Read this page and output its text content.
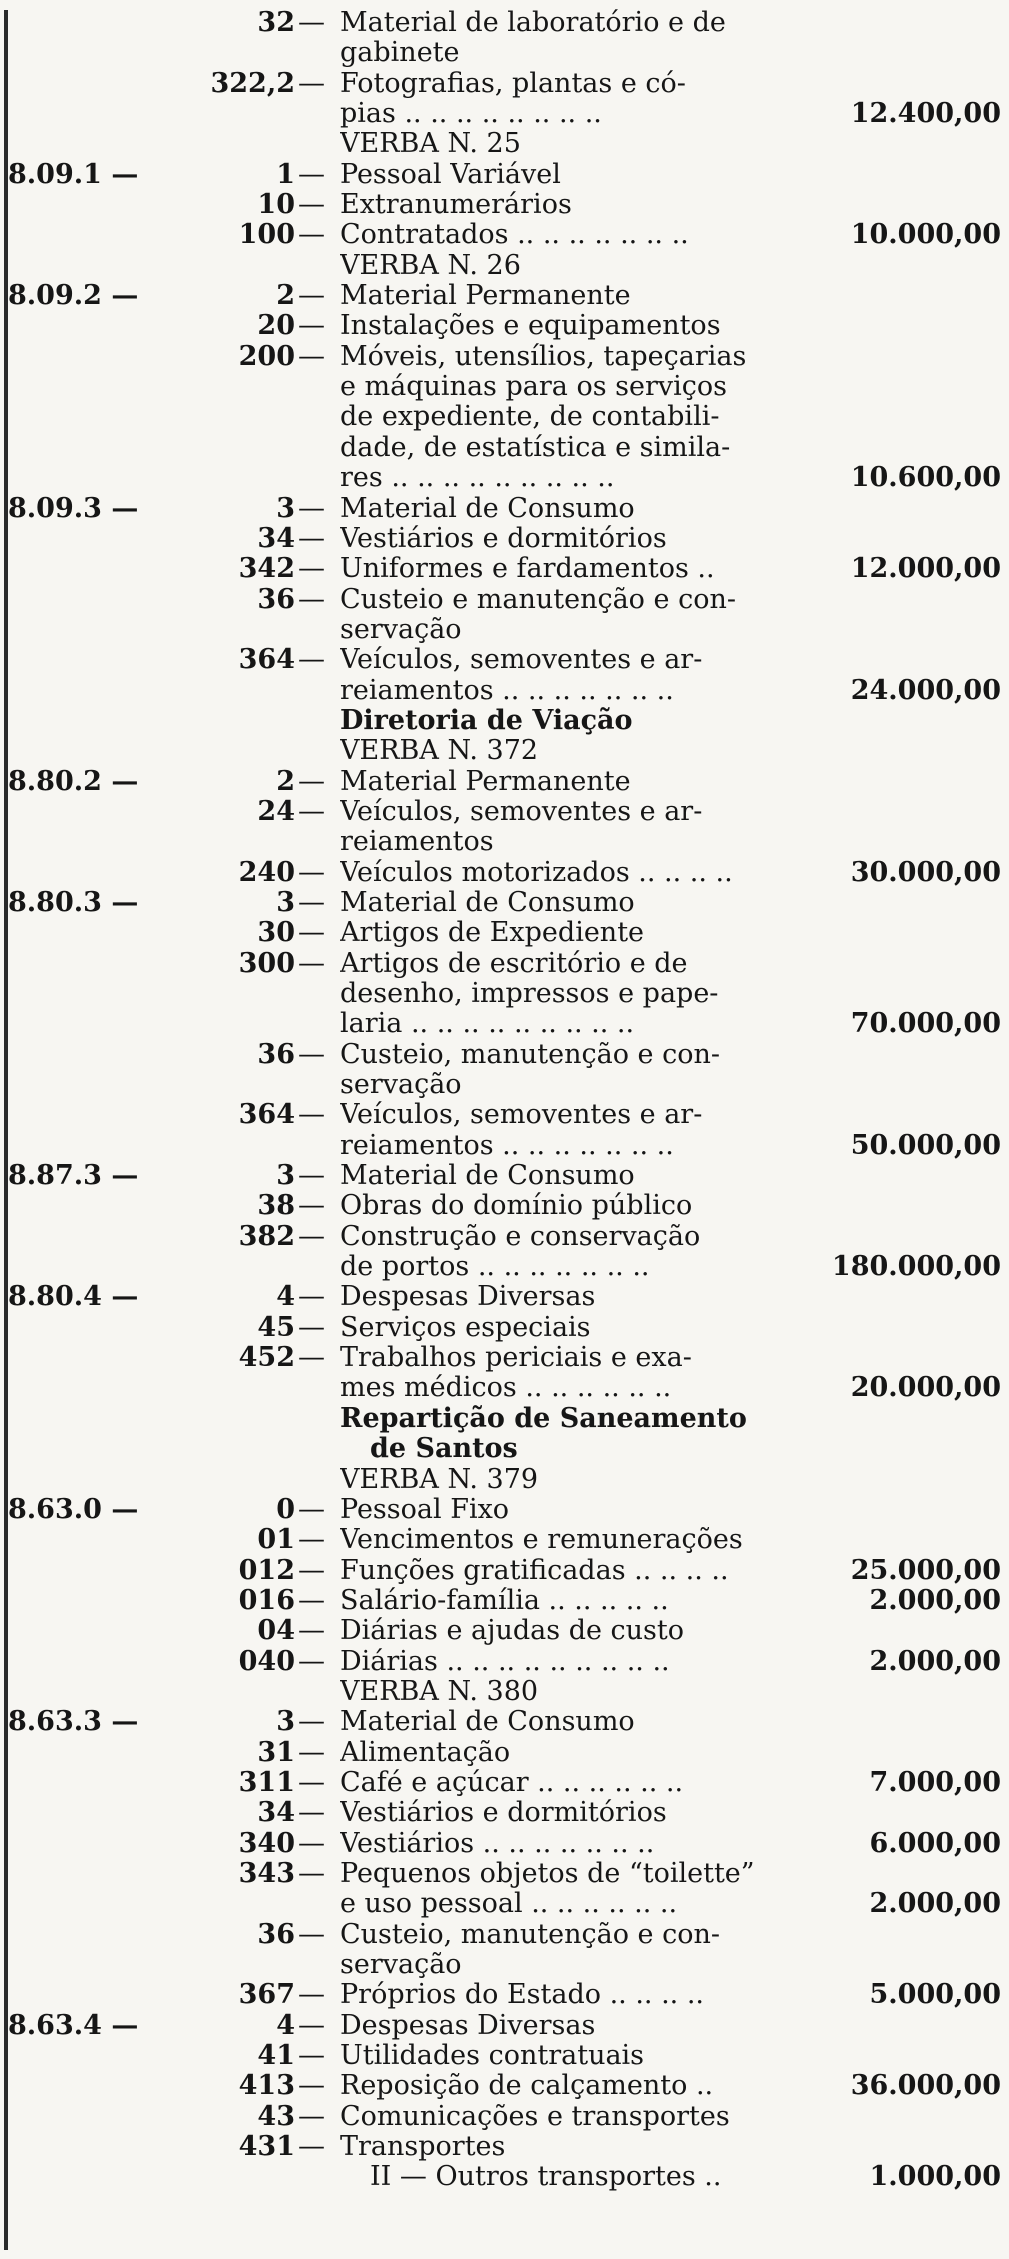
32 — Material de laboratório e de
gabinete
322,2 — Fotografias, plantas e có-
pias .. .. .. .. .. .. .. ..	12.400,00
VERBA N. 25
8.09.1 —	1 — Pessoal Variável
10 — Extranumerários
100 — Contratados .. .. .. .. .. .. ..	10.000,00
VERBA N. 26
8.09.2 —	2 — Material Permanente
20 — Instalações e equipamentos
200 — Móveis, utensílios, tapeçarias
e máquinas para os serviços
de expediente, de contabili-
dade, de estatística e simila-
res .. .. .. .. .. .. .. .. ..	10.600,00
8.09.3 —	3 — Material de Consumo
34 — Vestiários e dormitórios
342 — Uniformes e fardamentos ..	12.000,00
36 — Custeio e manutenção e con-
servação
364 — Veículos, semoventes e ar-
reiamentos .. .. .. .. .. .. ..	24.000,00
Diretoria de Viação
VERBA N. 372
8.80.2 —	2 — Material Permanente
24 — Veículos, semoventes e ar-
reiamentos
240 — Veículos motorizados .. .. .. ..	30.000,00
8.80.3 —	3 — Material de Consumo
30 — Artigos de Expediente
300 — Artigos de escritório e de
desenho, impressos e pape-
laria .. .. .. .. .. .. .. .. ..	70.000,00
36 — Custeio, manutenção e con-
servação
364 — Veículos, semoventes e ar-
reiamentos .. .. .. .. .. .. ..	50.000,00
8.87.3 —	3 — Material de Consumo
38 — Obras do domínio público
382 — Construção e conservação
de portos .. .. .. .. .. .. ..	180.000,00
8.80.4 —	4 — Despesas Diversas
45 — Serviços especiais
452 — Trabalhos periciais e exa-
mes médicos .. .. .. .. .. ..	20.000,00
Repartição de Saneamento
de Santos
VERBA N. 379
8.63.0 —	0 — Pessoal Fixo
01 — Vencimentos e remunerações
012 — Funções gratificadas .. .. .. ..	25.000,00
016 — Salário-família .. .. .. .. ..	2.000,00
04 — Diárias e ajudas de custo
040 — Diárias .. .. .. .. .. .. .. .. ..	2.000,00
VERBA N. 380
8.63.3 —	3 — Material de Consumo
31 — Alimentação
311 — Café e açúcar .. .. .. .. .. ..	7.000,00
34 — Vestiários e dormitórios
340 — Vestiários .. .. .. .. .. .. ..	6.000,00
343 — Pequenos objetos de “toilette”
e uso pessoal .. .. .. .. .. ..	2.000,00
36 — Custeio, manutenção e con-
servação
367 — Próprios do Estado .. .. .. ..	5.000,00
8.63.4 —	4 — Despesas Diversas
41 — Utilidades contratuais
413 — Reposição de calçamento ..	36.000,00
43 — Comunicações e transportes
431 — Transportes
II — Outros transportes ..	1.000,00
